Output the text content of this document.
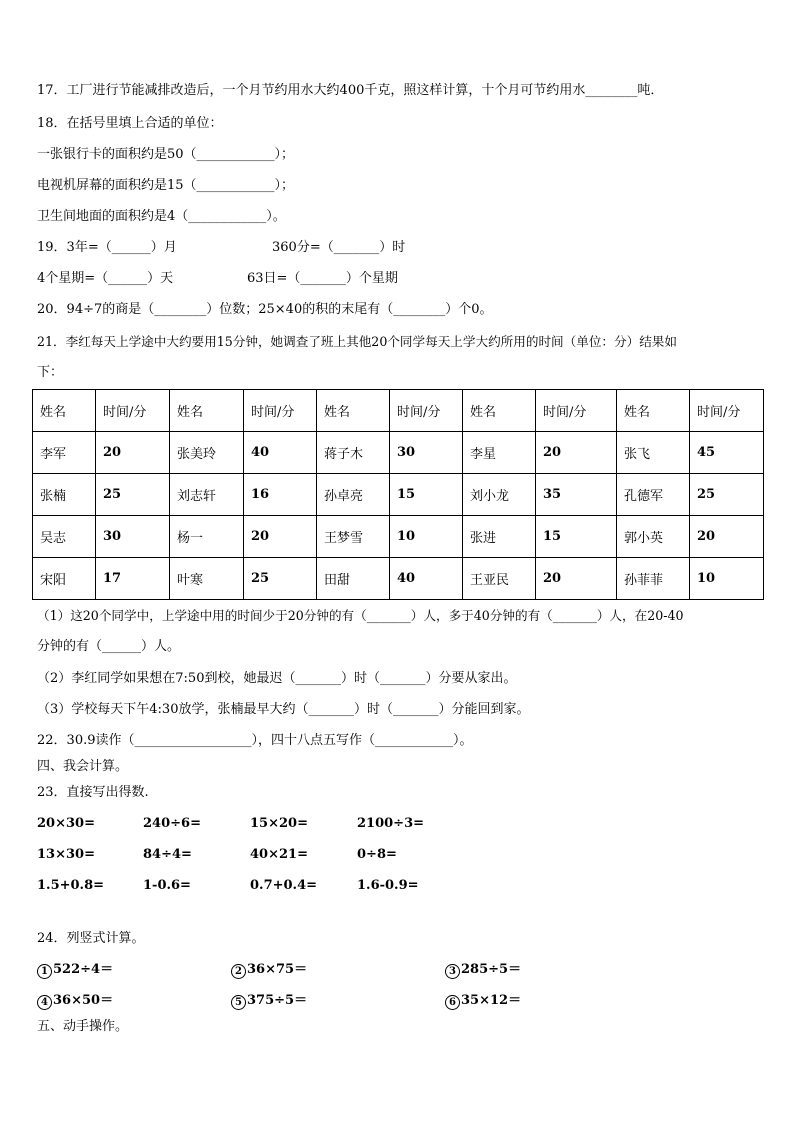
17．工厂进行节能减排改造后，一个月节约用水大约400千克，照这样计算，十个月可节约用水________吨．
18．在括号里填上合适的单位：
一张银行卡的面积约是50（____________）；
电视机屏幕的面积约是15（____________）；
卫生间地面的面积约是4（____________）。
19．3年=（______）月	360分=（_______）时
4个星期=（______）天	63日=（_______）个星期
20．94÷7的商是（________）位数；25×40的积的末尾有（________）个0。
21．李红每天上学途中大约要用15分钟，她调查了班上其他20个同学每天上学大约所用的时间（单位：分）结果如
下：
姓名	时间/分	姓名	时间/分	姓名	时间/分	姓名	时间/分	姓名	时间/分
李军	20	张美玲	40	蒋子木	30	李星	20	张飞	45
张楠	25	刘志轩	16	孙卓亮	15	刘小龙	35	孔德军	25
吴志	30	杨一	20	王梦雪	10	张进	15	郭小英	20
宋阳	17	叶寒	25	田甜	40	王亚民	20	孙菲菲	10
（1）这20个同学中，上学途中用的时间少于20分钟的有（_______）人，多于40分钟的有（_______）人，在20-40
分钟的有（______）人。
（2）李红同学如果想在7:50到校，她最迟（_______）时（_______）分要从家出。
（3）学校每天下午4:30放学，张楠最早大约（_______）时（_______）分能回到家。
22．30.9读作（__________________），四十八点五写作（____________）。
四、我会计算。
23．直接写出得数.
20×30=	240÷6=	15×20=	2100÷3=
13×30=	84÷4=	40×21=	0÷8=
1.5+0.8=	1-0.6=	0.7+0.4=	1.6-0.9=
24．列竖式计算。
1 522÷4＝	2 36×75＝	3 285÷5＝
4 36×50＝	5 375÷5＝	6 35×12＝
五、动手操作。
